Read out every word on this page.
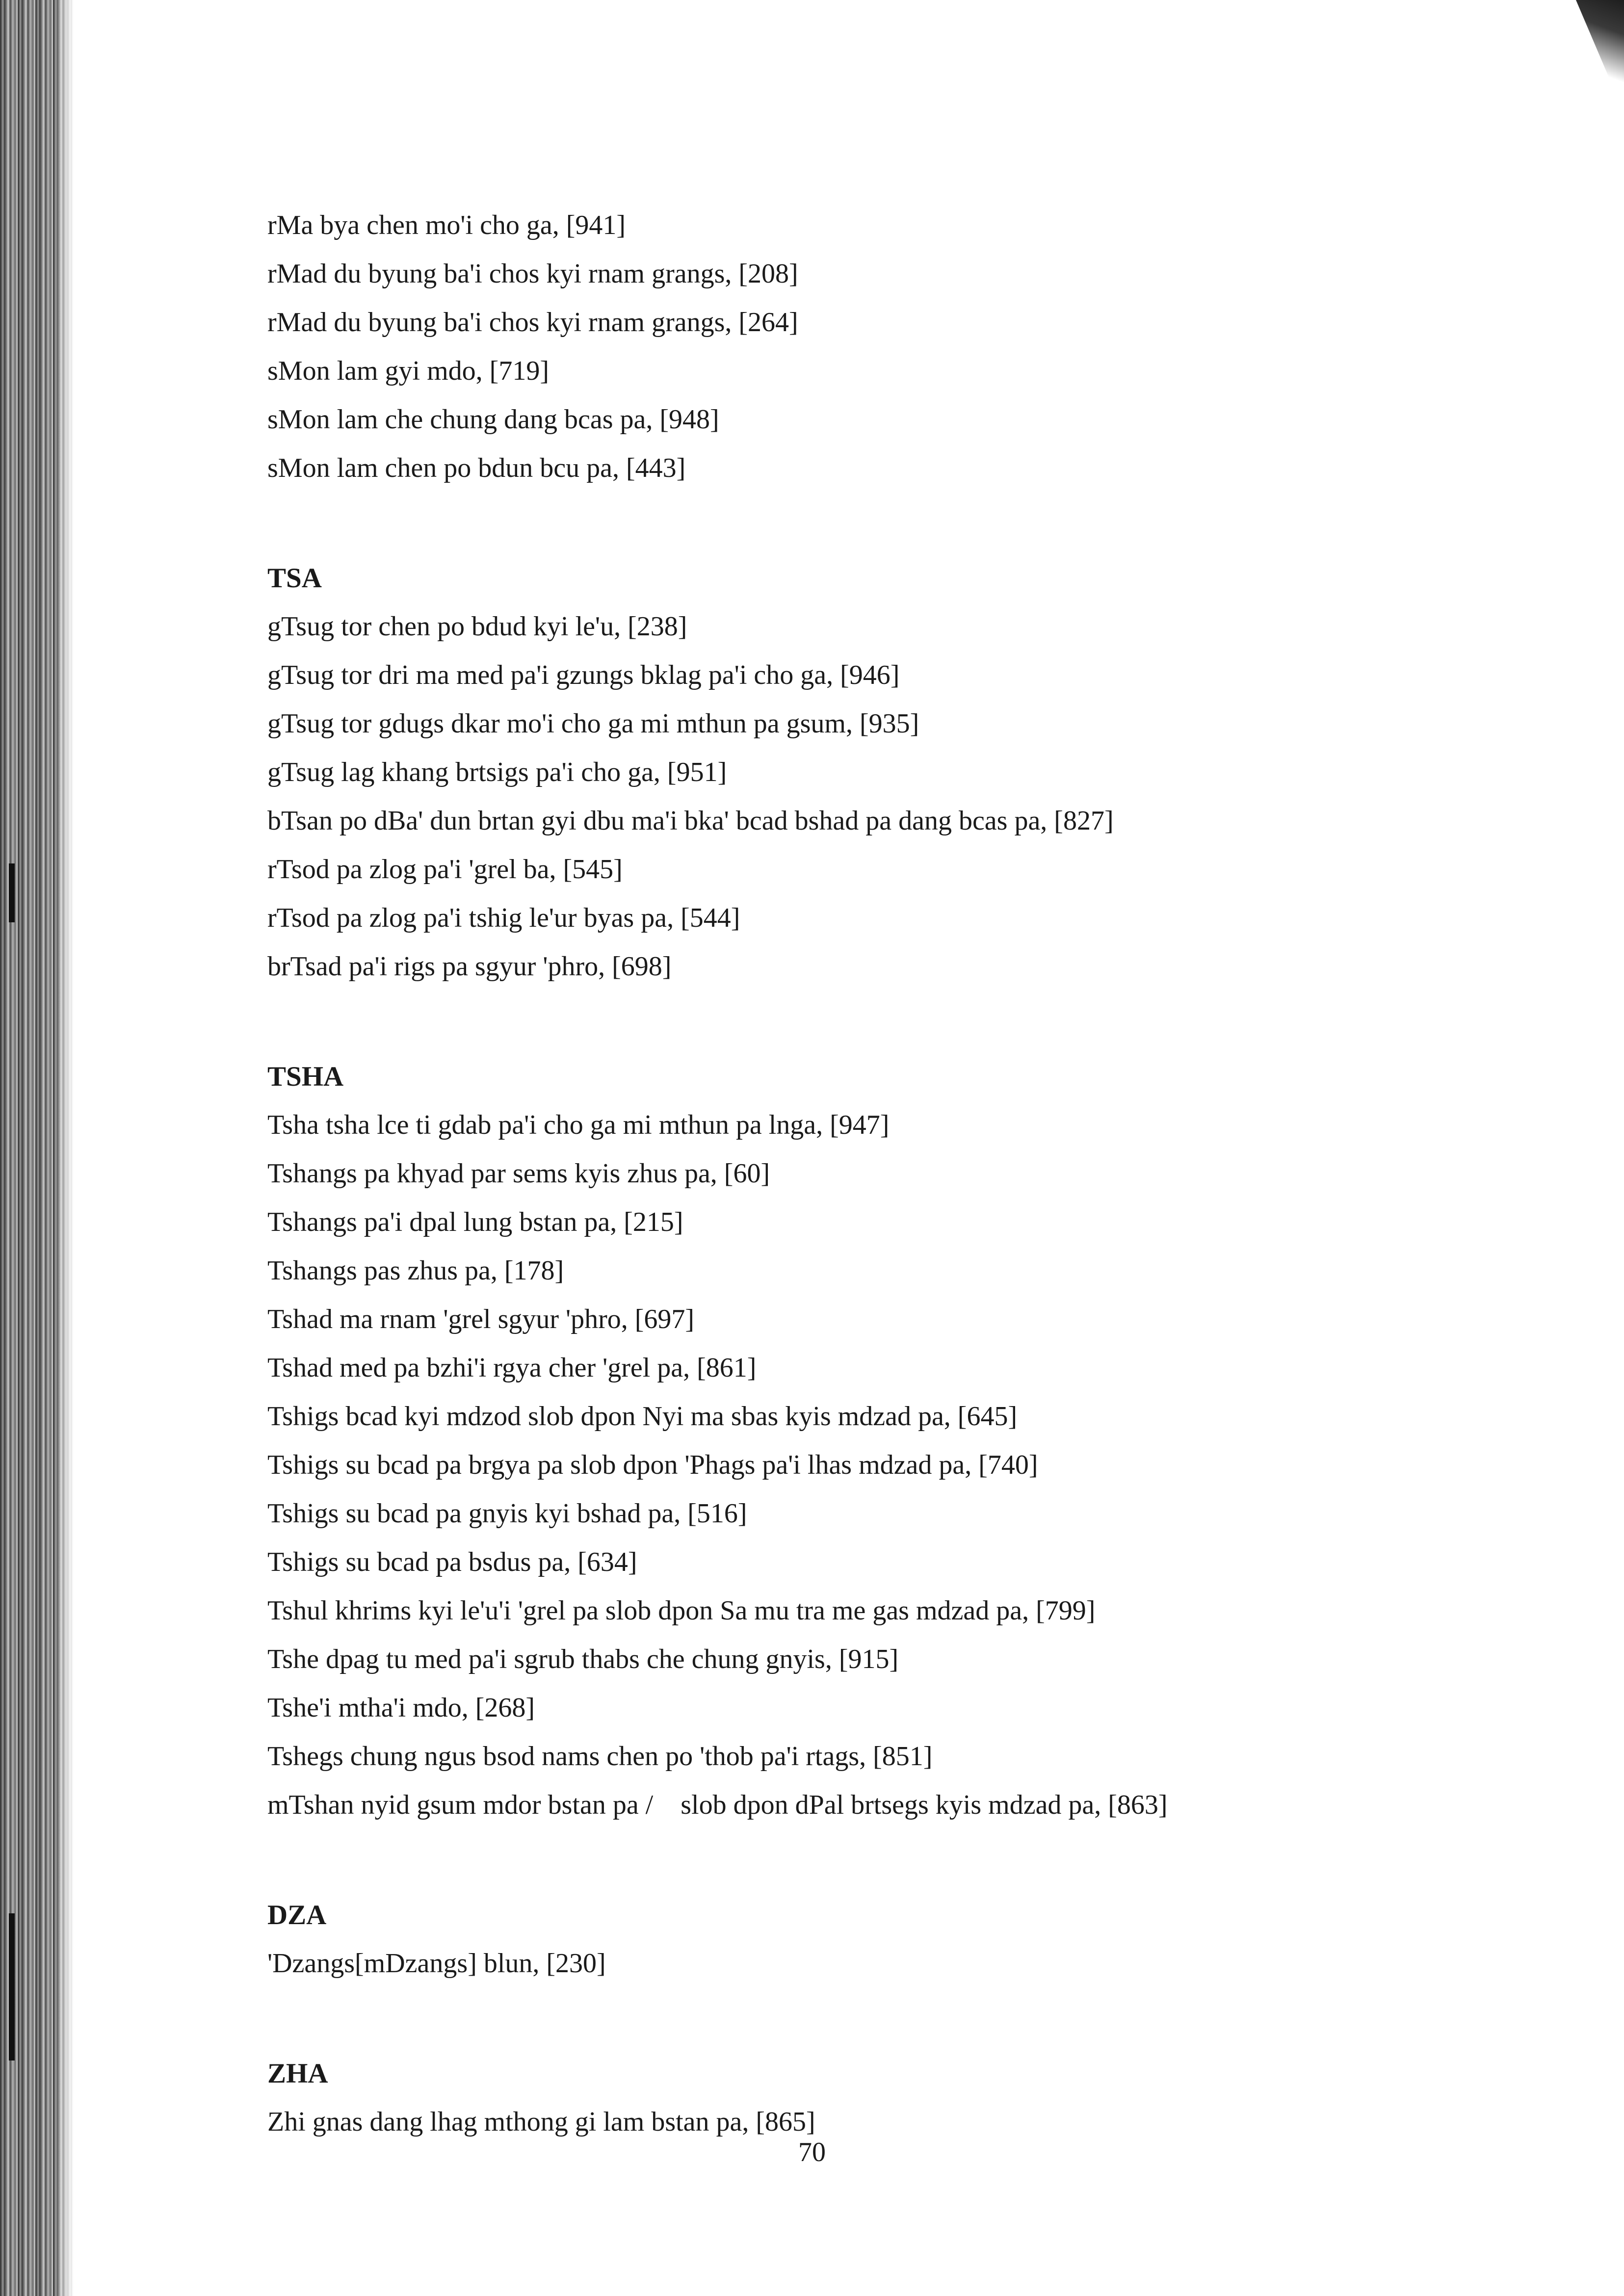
rMa bya chen mo'i cho ga, [941]
rMad du byung ba'i chos kyi rnam grangs, [208]
rMad du byung ba'i chos kyi rnam grangs, [264]
sMon lam gyi mdo, [719]
sMon lam che chung dang bcas pa, [948]
sMon lam chen po bdun bcu pa, [443]
TSA
gTsug tor chen po bdud kyi le'u, [238]
gTsug tor dri ma med pa'i gzungs bklag pa'i cho ga, [946]
gTsug tor gdugs dkar mo'i cho ga mi mthun pa gsum, [935]
gTsug lag khang brtsigs pa'i cho ga, [951]
bTsan po dBa' dun brtan gyi dbu ma'i bka' bcad bshad pa dang bcas pa, [827]
rTsod pa zlog pa'i 'grel ba, [545]
rTsod pa zlog pa'i tshig le'ur byas pa, [544]
brTsad pa'i rigs pa sgyur 'phro, [698]
TSHA
Tsha tsha lce ti gdab pa'i cho ga mi mthun pa lnga, [947]
Tshangs pa khyad par sems kyis zhus pa, [60]
Tshangs pa'i dpal lung bstan pa, [215]
Tshangs pas zhus pa, [178]
Tshad ma rnam 'grel sgyur 'phro, [697]
Tshad med pa bzhi'i rgya cher 'grel pa, [861]
Tshigs bcad kyi mdzod slob dpon Nyi ma sbas kyis mdzad pa, [645]
Tshigs su bcad pa brgya pa slob dpon 'Phags pa'i lhas mdzad pa, [740]
Tshigs su bcad pa gnyis kyi bshad pa, [516]
Tshigs su bcad pa bsdus pa, [634]
Tshul khrims kyi le'u'i 'grel pa slob dpon Sa mu tra me gas mdzad pa, [799]
Tshe dpag tu med pa'i sgrub thabs che chung gnyis, [915]
Tshe'i mtha'i mdo, [268]
Tshegs chung ngus bsod nams chen po 'thob pa'i rtags, [851]
mTshan nyid gsum mdor bstan pa /    slob dpon dPal brtsegs kyis mdzad pa, [863]
DZA
'Dzangs[mDzangs] blun, [230]
ZHA
Zhi gnas dang lhag mthong gi lam bstan pa, [865]
70
